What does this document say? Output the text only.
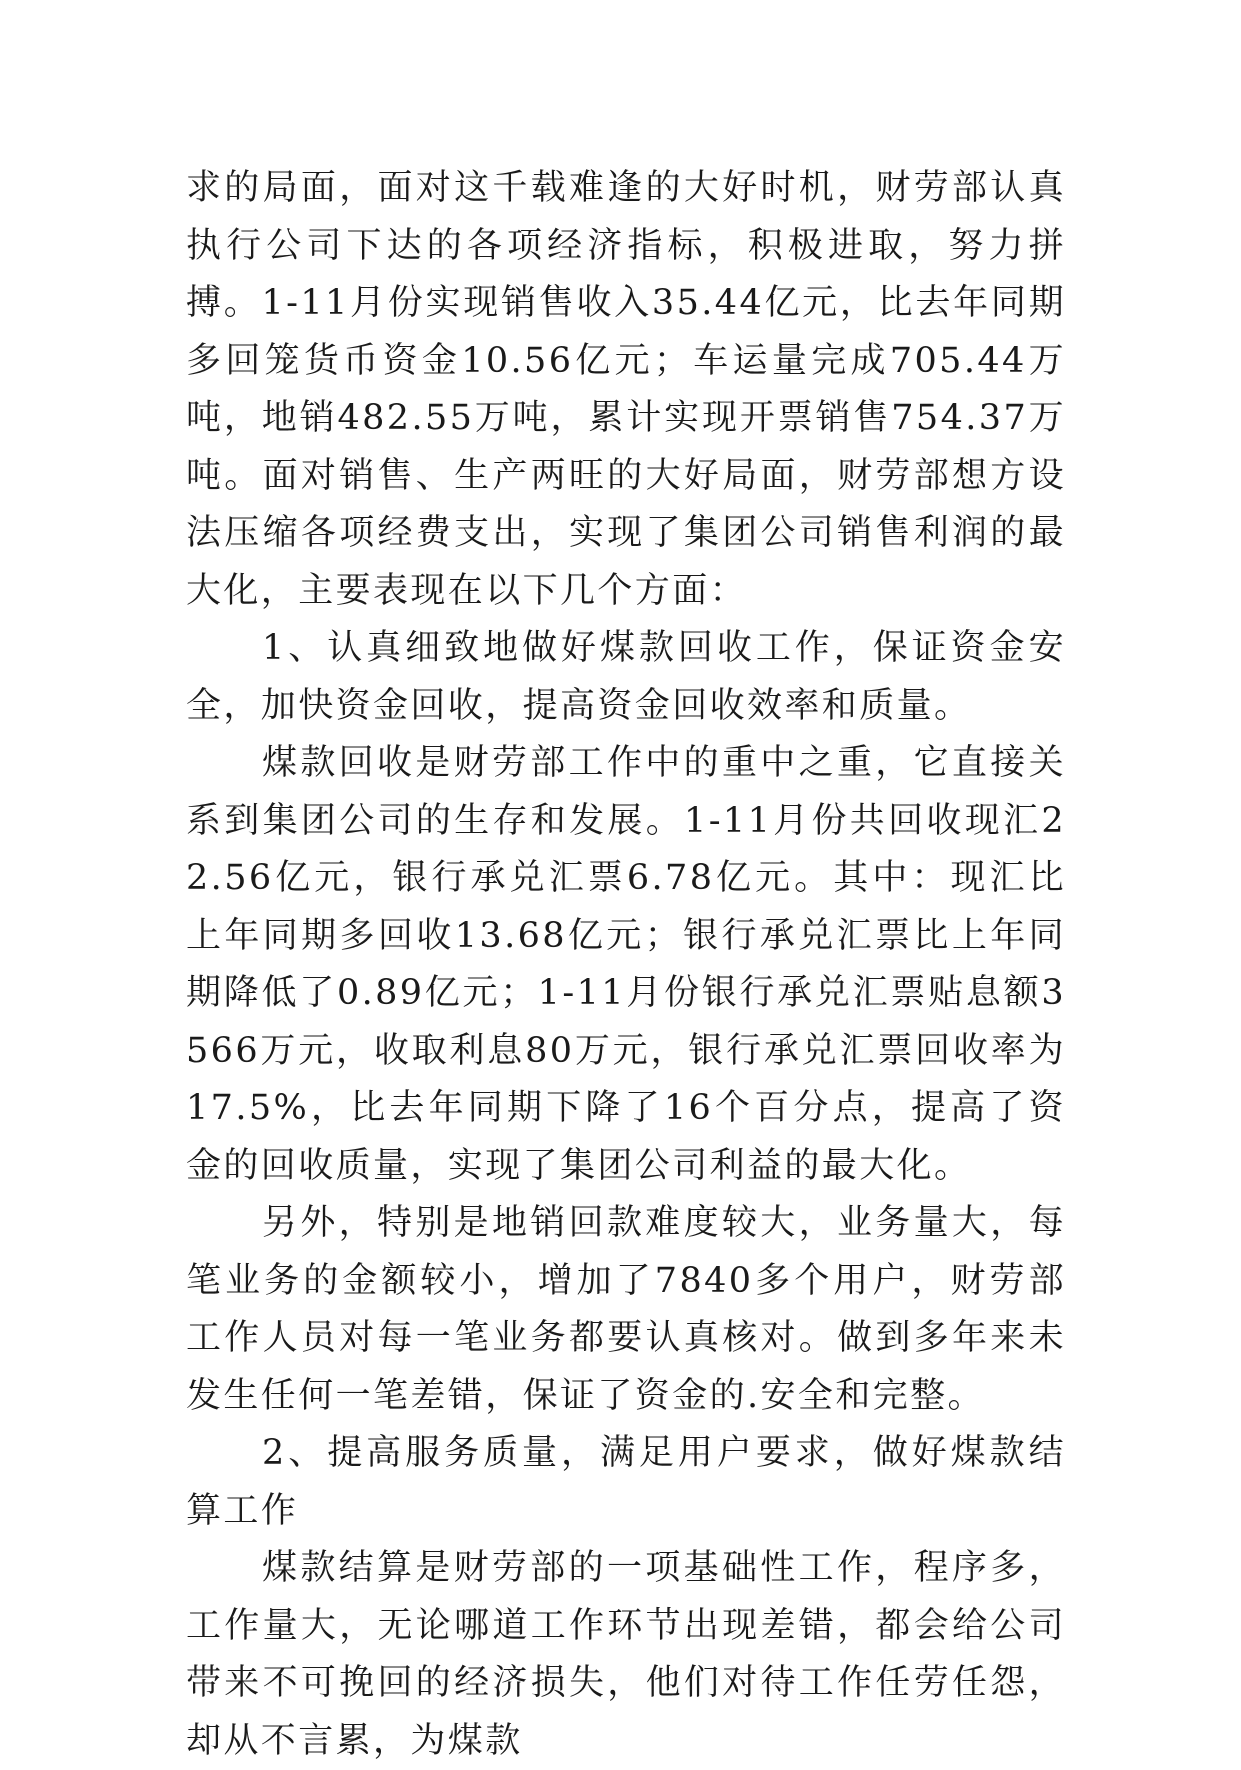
求的局面，面对这千载难逢的大好时机，财劳部认真执行公司下达的各项经济指标，积极进取，努力拼搏。1-11月份实现销售收入35.44亿元，比去年同期多回笼货币资金10.56亿元；车运量完成705.44万吨，地销482.55万吨，累计实现开票销售754.37万吨。面对销售、生产两旺的大好局面，财劳部想方设法压缩各项经费支出，实现了集团公司销售利润的最大化，主要表现在以下几个方面：

1、认真细致地做好煤款回收工作，保证资金安全，加快资金回收，提高资金回收效率和质量。

煤款回收是财劳部工作中的重中之重，它直接关系到集团公司的生存和发展。1-11月份共回收现汇22.56亿元，银行承兑汇票6.78亿元。其中：现汇比上年同期多回收13.68亿元；银行承兑汇票比上年同期降低了0.89亿元；1-11月份银行承兑汇票贴息额3566万元，收取利息80万元，银行承兑汇票回收率为17.5%，比去年同期下降了16个百分点，提高了资金的回收质量，实现了集团公司利益的最大化。

另外，特别是地销回款难度较大，业务量大，每笔业务的金额较小，增加了7840多个用户，财劳部工作人员对每一笔业务都要认真核对。做到多年来未发生任何一笔差错，保证了资金的.安全和完整。

2、提高服务质量，满足用户要求，做好煤款结算工作

煤款结算是财劳部的一项基础性工作，程序多，工作量大，无论哪道工作环节出现差错，都会给公司带来不可挽回的经济损失，他们对待工作任劳任怨，却从不言累，为煤款
